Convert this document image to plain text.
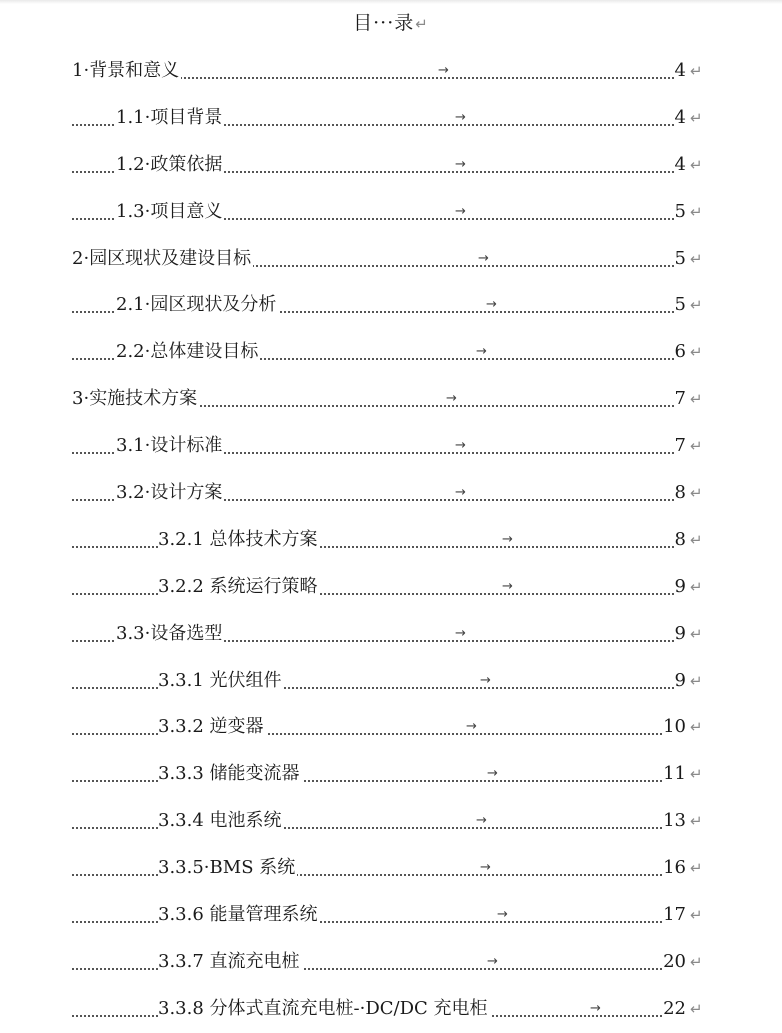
目···录↵
1·背景和意义	→	4 ↵
1.1·项目背景	→	4 ↵
1.2·政策依据	→	4 ↵
1.3·项目意义	→	5 ↵
2·园区现状及建设目标	→	5 ↵
2.1·园区现状及分析	→	5 ↵
2.2·总体建设目标	→	6 ↵
3·实施技术方案	→	7 ↵
3.1·设计标准	→	7 ↵
3.2·设计方案	→	8 ↵
3.2.1 总体技术方案	→	8 ↵
3.2.2 系统运行策略	→	9 ↵
3.3·设备选型	→	9 ↵
3.3.1 光伏组件	→	9 ↵
3.3.2 逆变器	→	10 ↵
3.3.3 储能变流器	→	11 ↵
3.3.4 电池系统	→	13 ↵
3.3.5·BMS 系统	→	16 ↵
3.3.6 能量管理系统	→	17 ↵
3.3.7 直流充电桩	→	20 ↵
3.3.8 分体式直流充电桩-·DC/DC 充电柜	→	22 ↵
